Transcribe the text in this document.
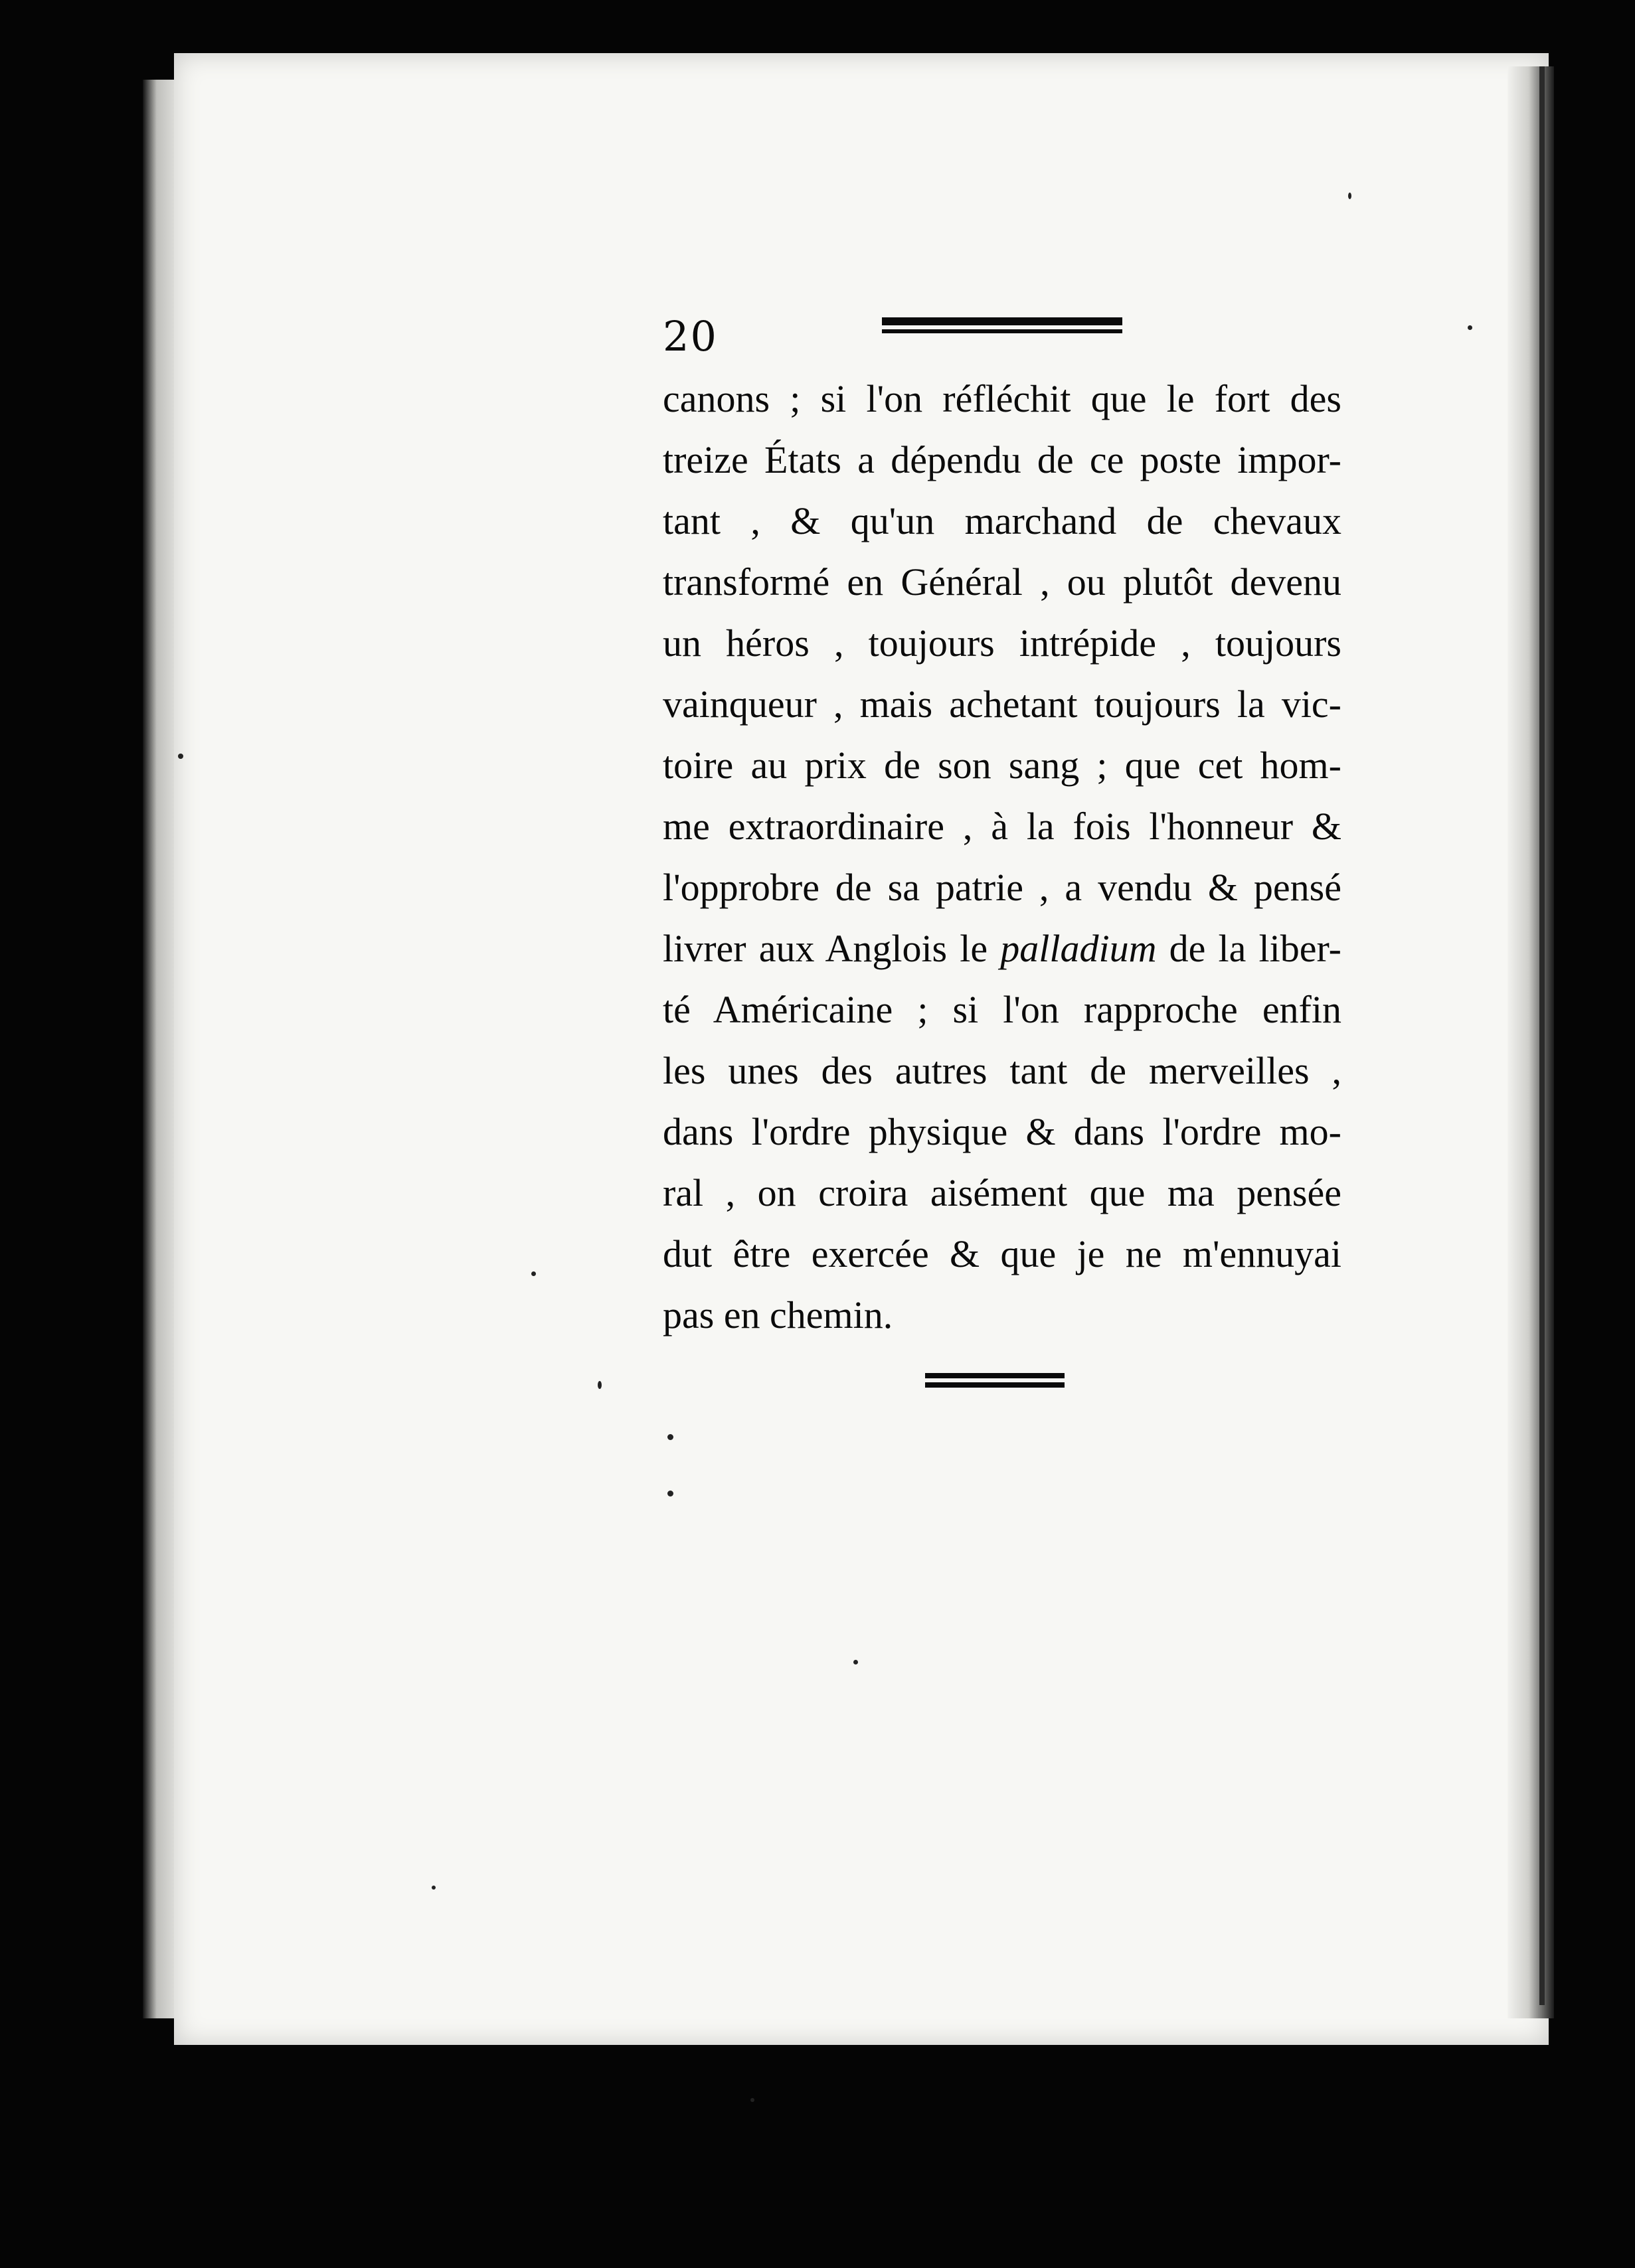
20
canons ; si l'on réfléchit que le fort des
treize États a dépendu de ce poste impor-
tant , & qu'un marchand de chevaux
transformé en Général , ou plutôt devenu
un héros , toujours intrépide , toujours
vainqueur , mais achetant toujours la vic-
toire au prix de son sang ; que cet hom-
me extraordinaire , à la fois l'honneur &
l'opprobre de sa patrie , a vendu & pensé
livrer aux Anglois le palladium de la liber-
té Américaine ; si l'on rapproche enfin
les unes des autres tant de merveilles ,
dans l'ordre physique & dans l'ordre mo-
ral , on croira aisément que ma pensée
dut être exercée & que je ne m'ennuyai
pas en chemin.
